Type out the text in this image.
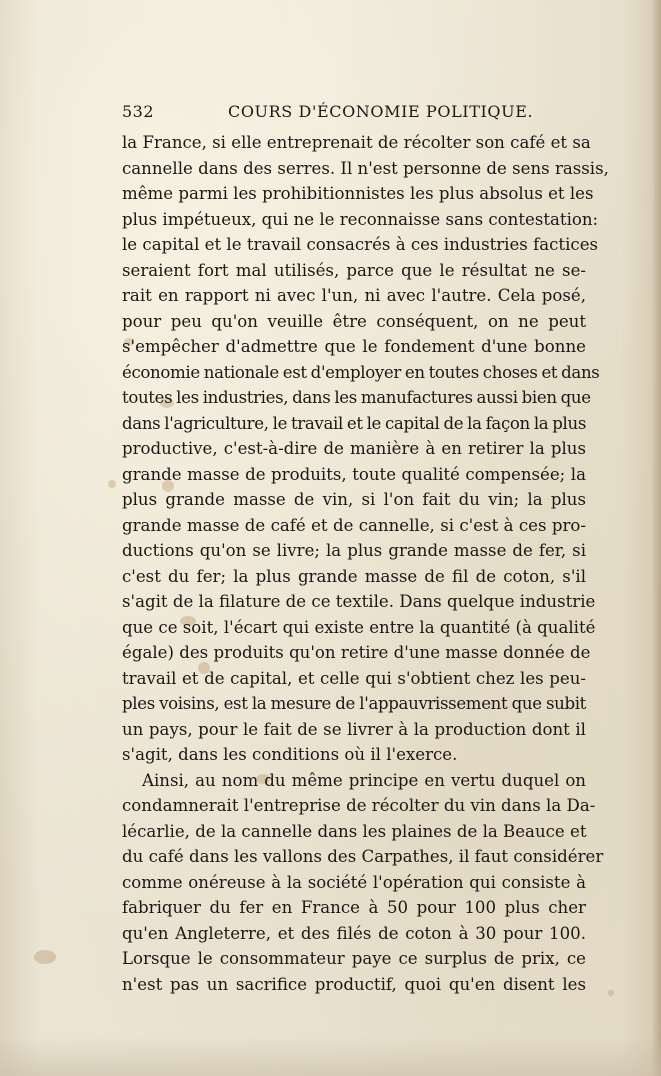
532	COURS D'ÉCONOMIE POLITIQUE.
la France, si elle entreprenait de récolter son café et sa
cannelle dans des serres. Il n'est personne de sens rassis,
même parmi les prohibitionnistes les plus absolus et les
plus impétueux, qui ne le reconnaisse sans contestation:
le capital et le travail consacrés à ces industries factices
seraient fort mal utilisés, parce que le résultat ne se-
rait en rapport ni avec l'un, ni avec l'autre. Cela posé,
pour peu qu'on veuille être conséquent, on ne peut
s'empêcher d'admettre que le fondement d'une bonne
économie nationale est d'employer en toutes choses et dans
toutes les industries, dans les manufactures aussi bien que
dans l'agriculture, le travail et le capital de la façon la plus
productive, c'est-à-dire de manière à en retirer la plus
grande masse de produits, toute qualité compensée; la
plus grande masse de vin, si l'on fait du vin; la plus
grande masse de café et de cannelle, si c'est à ces pro-
ductions qu'on se livre; la plus grande masse de fer, si
c'est du fer; la plus grande masse de fil de coton, s'il
s'agit de la filature de ce textile. Dans quelque industrie
que ce soit, l'écart qui existe entre la quantité (à qualité
égale) des produits qu'on retire d'une masse donnée de
travail et de capital, et celle qui s'obtient chez les peu-
ples voisins, est la mesure de l'appauvrissement que subit
un pays, pour le fait de se livrer à la production dont il
s'agit, dans les conditions où il l'exerce.
Ainsi, au nom du même principe en vertu duquel on
condamnerait l'entreprise de récolter du vin dans la Da-
lécarlie, de la cannelle dans les plaines de la Beauce et
du café dans les vallons des Carpathes, il faut considérer
comme onéreuse à la société l'opération qui consiste à
fabriquer du fer en France à 50 pour 100 plus cher
qu'en Angleterre, et des filés de coton à 30 pour 100.
Lorsque le consommateur paye ce surplus de prix, ce
n'est pas un sacrifice productif, quoi qu'en disent les
